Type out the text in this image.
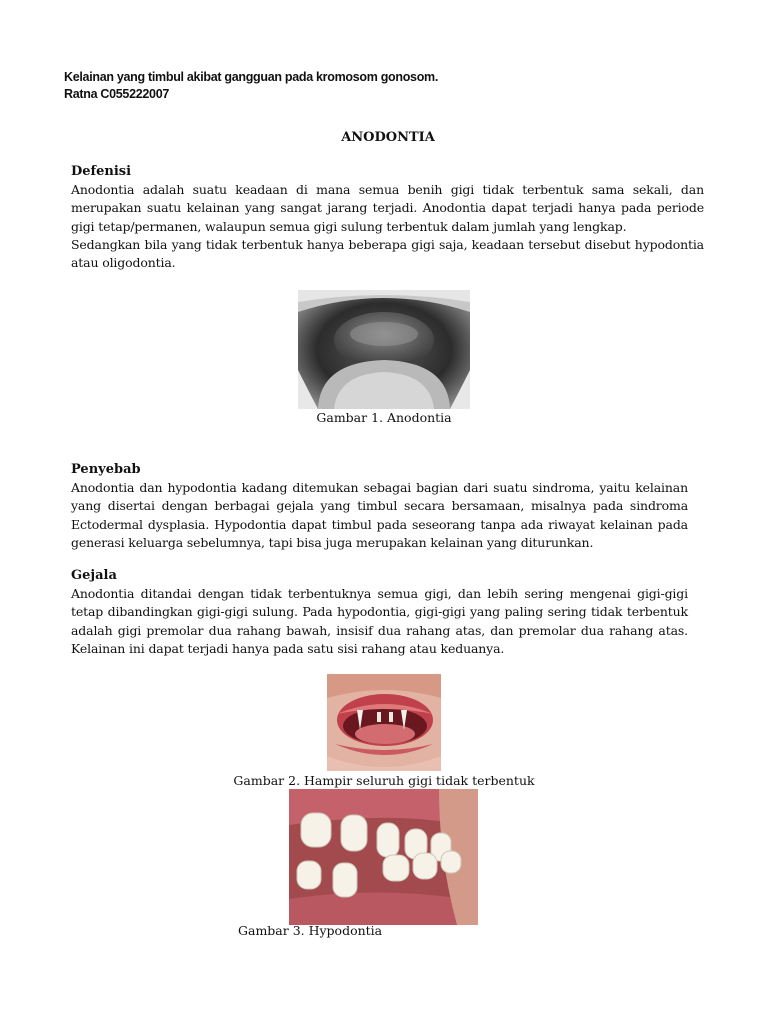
Kelainan yang timbul akibat gangguan pada kromosom gonosom.
Ratna C055222007
ANODONTIA
Defenisi

Anodontia adalah suatu keadaan di mana semua benih gigi tidak terbentuk sama sekali, dan merupakan suatu kelainan yang sangat jarang terjadi. Anodontia dapat terjadi hanya pada periode gigi tetap/permanen, walaupun semua gigi sulung terbentuk dalam jumlah yang lengkap.

Sedangkan bila yang tidak terbentuk hanya beberapa gigi saja, keadaan tersebut disebut hypodontia atau oligodontia.

Gambar 1. Anodontia
Penyebab

Anodontia dan hypodontia kadang ditemukan sebagai bagian dari suatu sindroma, yaitu kelainan yang disertai dengan berbagai gejala yang timbul secara bersamaan, misalnya pada sindroma Ectodermal dysplasia. Hypodontia dapat timbul pada seseorang tanpa ada riwayat kelainan pada generasi keluarga sebelumnya, tapi bisa juga merupakan kelainan yang diturunkan.

Gejala

Anodontia ditandai dengan tidak terbentuknya semua gigi, dan lebih sering mengenai gigi-gigi tetap dibandingkan gigi-gigi sulung. Pada hypodontia, gigi-gigi yang paling sering tidak terbentuk adalah gigi premolar dua rahang bawah, insisif dua rahang atas, dan premolar dua rahang atas. Kelainan ini dapat terjadi hanya pada satu sisi rahang atau keduanya.

Gambar 2. Hampir seluruh gigi tidak terbentuk
Gambar 3. Hypodontia
